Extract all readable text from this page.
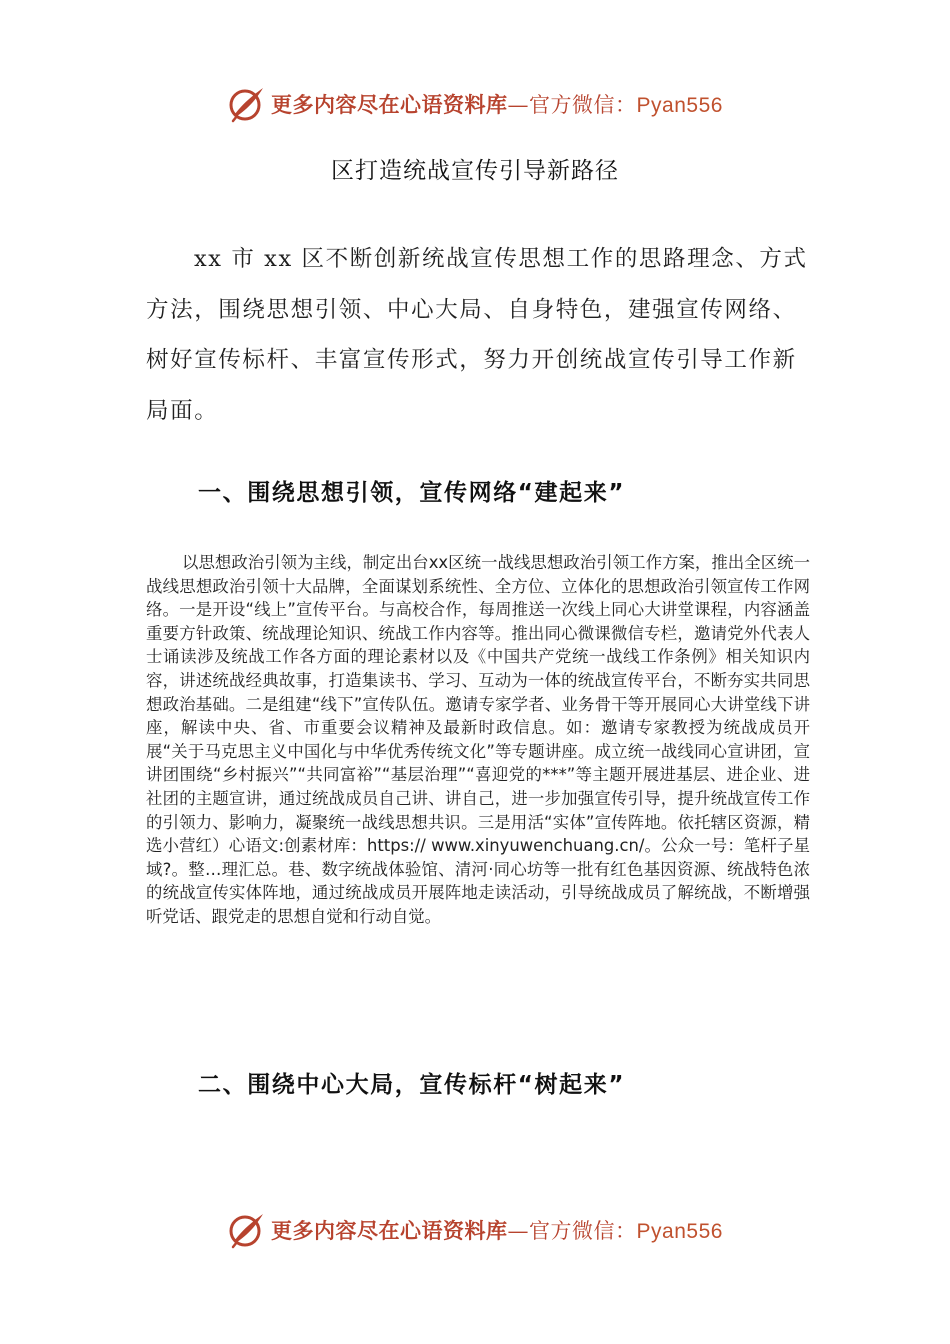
更多内容尽在心语资料库—官方微信：Pyan556
区打造统战宣传引导新路径

xx 市 xx 区不断创新统战宣传思想工作的思路理念、方式方法，围绕思想引领、中心大局、自身特色，建强宣传网络、树好宣传标杆、丰富宣传形式，努力开创统战宣传引导工作新局面。

一、围绕思想引领，宣传网络“建起来”

以思想政治引领为主线，制定出台xx区统一战线思想政治引领工作方案，推出全区统一战线思想政治引领十大品牌，全面谋划系统性、全方位、立体化的思想政治引领宣传工作网络。一是开设“线上”宣传平台。与高校合作，每周推送一次线上同心大讲堂课程，内容涵盖重要方针政策、统战理论知识、统战工作内容等。推出同心微课微信专栏，邀请党外代表人士诵读涉及统战工作各方面的理论素材以及《中国共产党统一战线工作条例》相关知识内容，讲述统战经典故事，打造集读书、学习、互动为一体的统战宣传平台，不断夯实共同思想政治基础。二是组建“线下”宣传队伍。邀请专家学者、业务骨干等开展同心大讲堂线下讲座，解读中央、省、市重要会议精神及最新时政信息。如：邀请专家教授为统战成员开展“关于马克思主义中国化与中华优秀传统文化”等专题讲座。成立统一战线同心宣讲团，宣讲团围绕“乡村振兴”“共同富裕”“基层治理”“喜迎党的***”等主题开展进基层、进企业、进社团的主题宣讲，通过统战成员自己讲、讲自己，进一步加强宣传引导，提升统战宣传工作的引领力、影响力，凝聚统一战线思想共识。三是用活“实体”宣传阵地。依托辖区资源，精选小营红）心语文:创素材库：https:// www.xinyuwenchuang.cn/。公众一号：笔杆子星域?。整…理汇总。巷、数字统战体验馆、清河·同心坊等一批有红色基因资源、统战特色浓的统战宣传实体阵地，通过统战成员开展阵地走读活动，引导统战成员了解统战，不断增强听党话、跟党走的思想自觉和行动自觉。

二、围绕中心大局，宣传标杆“树起来”
更多内容尽在心语资料库—官方微信：Pyan556
